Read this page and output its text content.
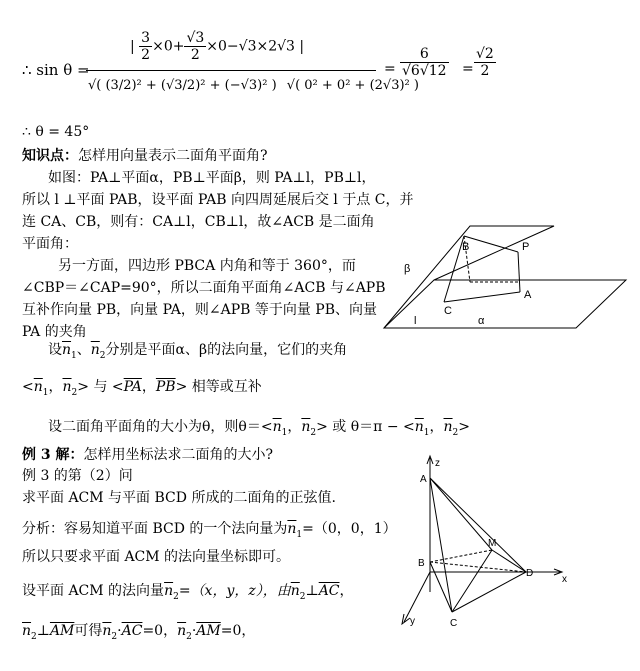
∴ sin θ =
| $\frac{3}{2} \times 0+ \frac{√3}{2} \times 0-√3\times 2√3$ |
√( (3/2)² + (√3/2)² + (−√3)² ) √( 0² + 0² + (2√3)² )
= $\frac{6}{√6√12} = \frac{√2}{2}$
∴ θ = 45°
知识点：怎样用向量表示二面角平面角?
如图：PA⊥平面α，PB⊥平面β，则 PA⊥l，PB⊥l，
所以 l ⊥平面 PAB，设平面 PAB 向四周延展后交 l 于点 C，并
连 CA、CB，则有：CA⊥l，CB⊥l，故∠ACB 是二面角
平面角：
另一方面，四边形 PBCA 内角和等于 360°，而
∠CBP＝∠CAP=90°，所以二面角平面角∠ACB 与∠APB
互补作向量 PB，向量 PA，则∠APB 等于向量 PB、向量
PA 的夹角
B	P
β
C
A
l	α
设$\overline{n}_1$、$\overline{n}_2$分别是平面α、β的法向量，它们的夹角
$<\overline{n}_1$，$\overline{n}_2>$ 与 $<\overline{PA}$，$\overline{PB}>$ 相等或互补
设二面角平面角的大小为θ，则$\theta=<\overline{n}_1$，$\overline{n}_2>$ 或 $\theta=\pi - <\overline{n}_1$，$\overline{n}_2>$
例 3 解：怎样用坐标法求二面角的大小?
例 3 的第（2）问
求平面 ACM 与平面 BCD 所成的二面角的正弦值.
分析：容易知道平面 BCD 的一个法向量为$\overline{n}_1=(0$，0，1）
所以只要求平面 ACM 的法向量坐标即可。
设平面 ACM 的法向量$\overline{n}_2=(x$，y，z），由$\overline{n}_2\perp\overline{AC}$，
$\overline{n}_2\perp\overline{AM}$可得$\overline{n}_2\cdot\overline{AC}=0$，$\overline{n}_2\cdot\overline{AM}=0$，
z
A
M
B
D
x
C
y
